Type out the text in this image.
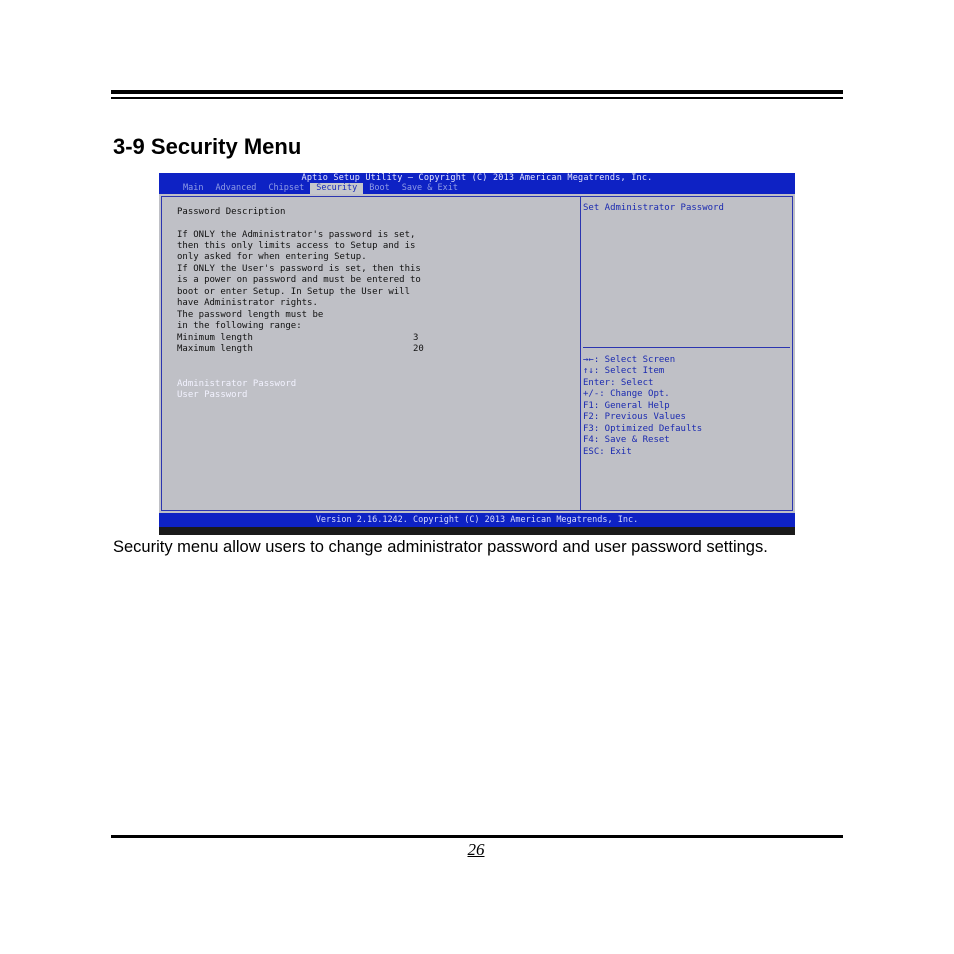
3-9 Security Menu
Aptio Setup Utility – Copyright (C) 2013 American Megatrends, Inc.
Main	Advanced	Chipset	Security	Boot	Save & Exit
Password Description
If ONLY the Administrator's password is set,
then this only limits access to Setup and is
only asked for when entering Setup.
If ONLY the User's password is set, then this
is a power on password and must be entered to
boot or enter Setup. In Setup the User will
have Administrator rights.
The password length must be
in the following range:
Minimum length	3
Maximum length	20
Administrator Password
User Password
Set Administrator Password
→←: Select Screen
↑↓: Select Item
Enter: Select
+/-: Change Opt.
F1: General Help
F2: Previous Values
F3: Optimized Defaults
F4: Save & Reset
ESC: Exit
Version 2.16.1242. Copyright (C) 2013 American Megatrends, Inc.

Security menu allow users to change administrator password and user password settings.

26
